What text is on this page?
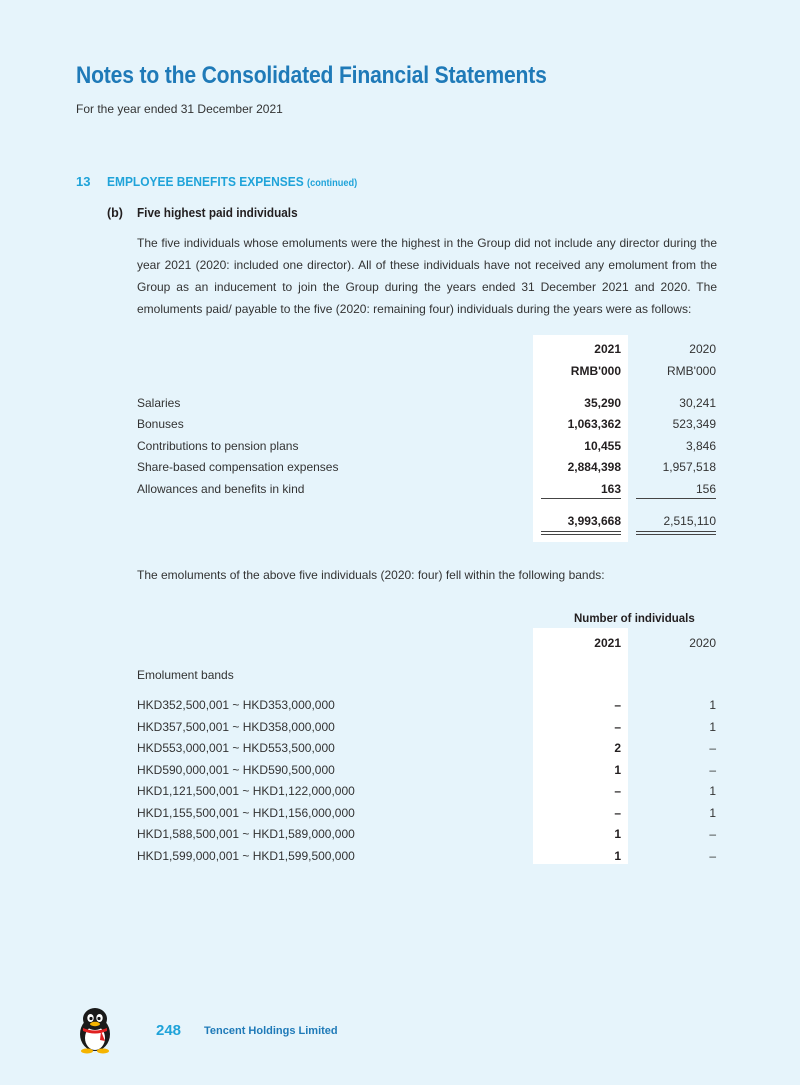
Notes to the Consolidated Financial Statements
For the year ended 31 December 2021
13 EMPLOYEE BENEFITS EXPENSES (continued)
(b) Five highest paid individuals
The five individuals whose emoluments were the highest in the Group did not include any director during the year 2021 (2020: included one director). All of these individuals have not received any emolument from the Group as an inducement to join the Group during the years ended 31 December 2021 and 2020. The emoluments paid/ payable to the five (2020: remaining four) individuals during the years were as follows:
2021	2020
RMB'000	RMB'000
Salaries	35,290	30,241
Bonuses	1,063,362	523,349
Contributions to pension plans	10,455	3,846
Share-based compensation expenses	2,884,398	1,957,518
Allowances and benefits in kind	163	156
3,993,668	2,515,110
The emoluments of the above five individuals (2020: four) fell within the following bands:
Number of individuals
2021	2020
Emolument bands
HKD352,500,001 ~ HKD353,000,000	–	1
HKD357,500,001 ~ HKD358,000,000	–	1
HKD553,000,001 ~ HKD553,500,000	2	–
HKD590,000,001 ~ HKD590,500,000	1	–
HKD1,121,500,001 ~ HKD1,122,000,000	–	1
HKD1,155,500,001 ~ HKD1,156,000,000	–	1
HKD1,588,500,001 ~ HKD1,589,000,000	1	–
HKD1,599,000,001 ~ HKD1,599,500,000	1	–
248 Tencent Holdings Limited
